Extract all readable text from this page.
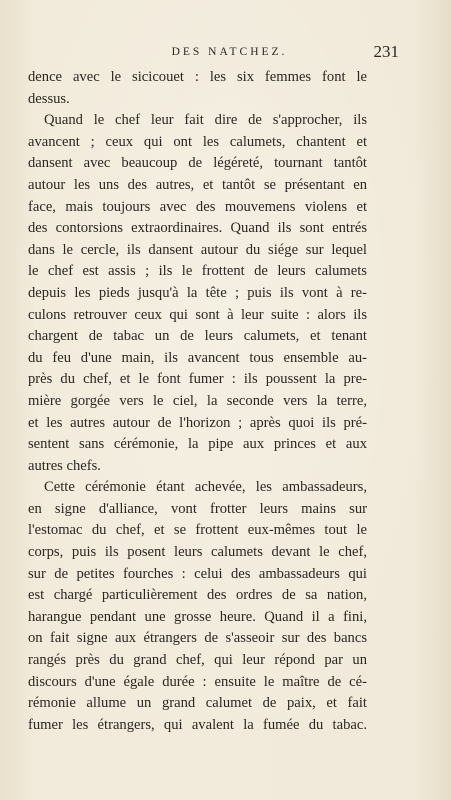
DES NATCHEZ.	231
dence avec le sicicouet : les six femmes font le
dessus.
Quand le chef leur fait dire de s'approcher, ils
avancent ; ceux qui ont les calumets, chantent et
dansent avec beaucoup de légéreté, tournant tantôt
autour les uns des autres, et tantôt se présentant en
face, mais toujours avec des mouvemens violens et
des contorsions extraordinaires. Quand ils sont entrés
dans le cercle, ils dansent autour du siége sur lequel
le chef est assis ; ils le frottent de leurs calumets
depuis les pieds jusqu'à la tête ; puis ils vont à re-
culons retrouver ceux qui sont à leur suite : alors ils
chargent de tabac un de leurs calumets, et tenant
du feu d'une main, ils avancent tous ensemble au-
près du chef, et le font fumer : ils poussent la pre-
mière gorgée vers le ciel, la seconde vers la terre,
et les autres autour de l'horizon ; après quoi ils pré-
sentent sans cérémonie, la pipe aux princes et aux
autres chefs.
Cette cérémonie étant achevée, les ambassadeurs,
en signe d'alliance, vont frotter leurs mains sur
l'estomac du chef, et se frottent eux-mêmes tout le
corps, puis ils posent leurs calumets devant le chef,
sur de petites fourches : celui des ambassadeurs qui
est chargé particulièrement des ordres de sa nation,
harangue pendant une grosse heure. Quand il a fini,
on fait signe aux étrangers de s'asseoir sur des bancs
rangés près du grand chef, qui leur répond par un
discours d'une égale durée : ensuite le maître de cé-
rémonie allume un grand calumet de paix, et fait
fumer les étrangers, qui avalent la fumée du tabac.
